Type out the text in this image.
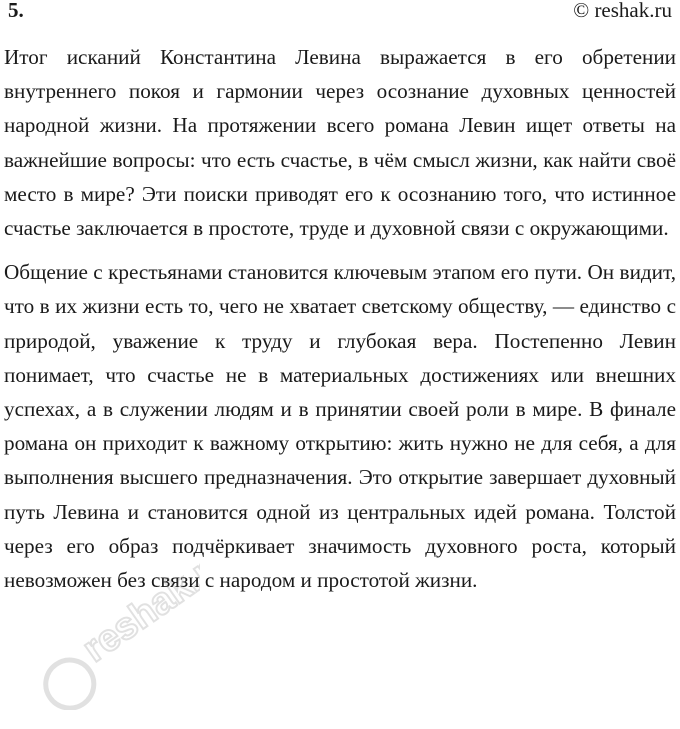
5.	© reshak.ru

Итог исканий Константина Левина выражается в его обретении внутреннего покоя и гармонии через осознание духовных ценностей народной жизни. На протяжении всего романа Левин ищет ответы на важнейшие вопросы: что есть счастье, в чём смысл жизни, как найти своё место в мире? Эти поиски приводят его к осознанию того, что истинное счастье заключается в простоте, труде и духовной связи с окружающими.

Общение с крестьянами становится ключевым этапом его пути. Он видит, что в их жизни есть то, чего не хватает светскому обществу, — единство с природой, уважение к труду и глубокая вера. Постепенно Левин понимает, что счастье не в материальных достижениях или внешних успехах, а в служении людям и в принятии своей роли в мире. В финале романа он приходит к важному открытию: жить нужно не для себя, а для выполнения высшего предназначения. Это открытие завершает духовный путь Левина и становится одной из центральных идей романа. Толстой через его образ подчёркивает значимость духовного роста, который невозможен без связи с народом и простотой жизни.

reshak.ru
